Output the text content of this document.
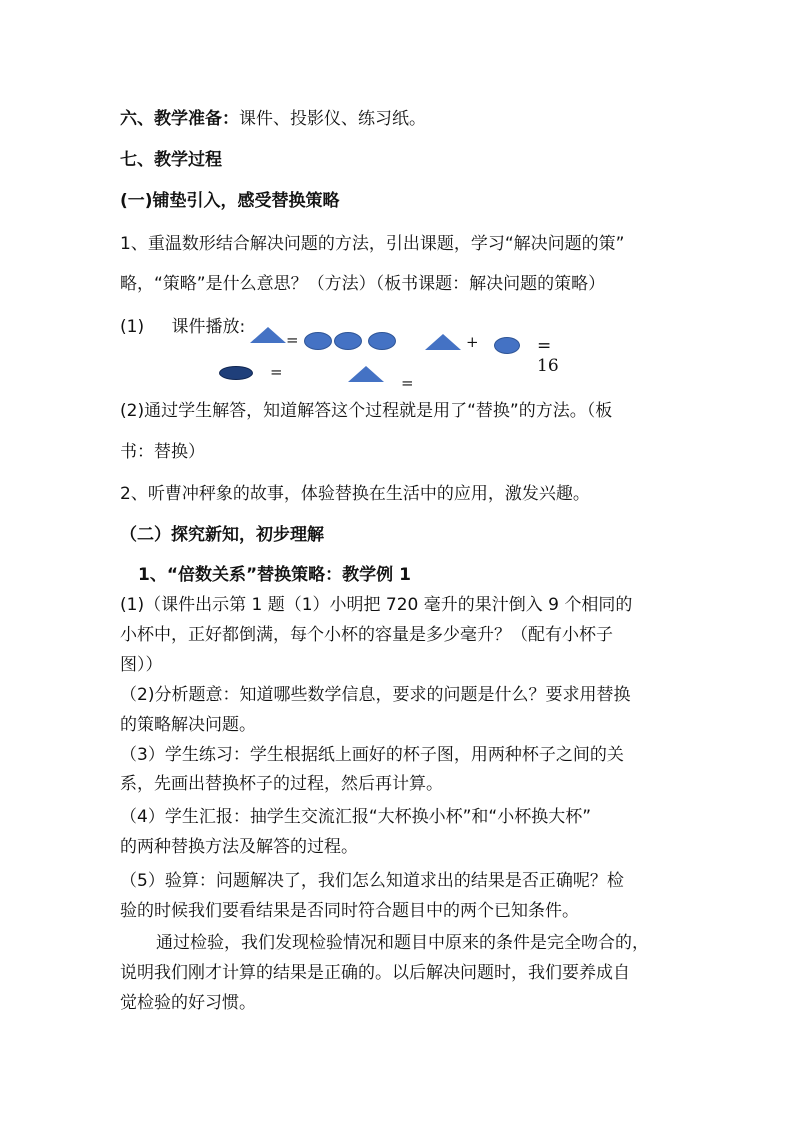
六、教学准备：课件、投影仪、练习纸。
七、教学过程
(一)铺垫引入，感受替换策略
1、重温数形结合解决问题的方法，引出课题，学习“解决问题的策”
略，“策略”是什么意思？（方法）（板书课题：解决问题的策略）
(1) 课件播放:
=	+	= 16
=
=
(2)通过学生解答，知道解答这个过程就是用了“替换”的方法。（板
书：替换）
2、听曹冲秤象的故事，体验替换在生活中的应用，激发兴趣。
（二）探究新知，初步理解
1、“倍数关系”替换策略：教学例 1
(1)（课件出示第 1 题（1）小明把 720 毫升的果汁倒入 9 个相同的
小杯中，正好都倒满，每个小杯的容量是多少毫升？（配有小杯子
图））
（2)分析题意：知道哪些数学信息，要求的问题是什么？要求用替换
的策略解决问题。
（3）学生练习：学生根据纸上画好的杯子图，用两种杯子之间的关
系，先画出替换杯子的过程，然后再计算。
（4）学生汇报：抽学生交流汇报“大杯换小杯”和“小杯换大杯”
的两种替换方法及解答的过程。
（5）验算：问题解决了，我们怎么知道求出的结果是否正确呢？检
验的时候我们要看结果是否同时符合题目中的两个已知条件。
通过检验，我们发现检验情况和题目中原来的条件是完全吻合的，
说明我们刚才计算的结果是正确的。以后解决问题时，我们要养成自
觉检验的好习惯。
